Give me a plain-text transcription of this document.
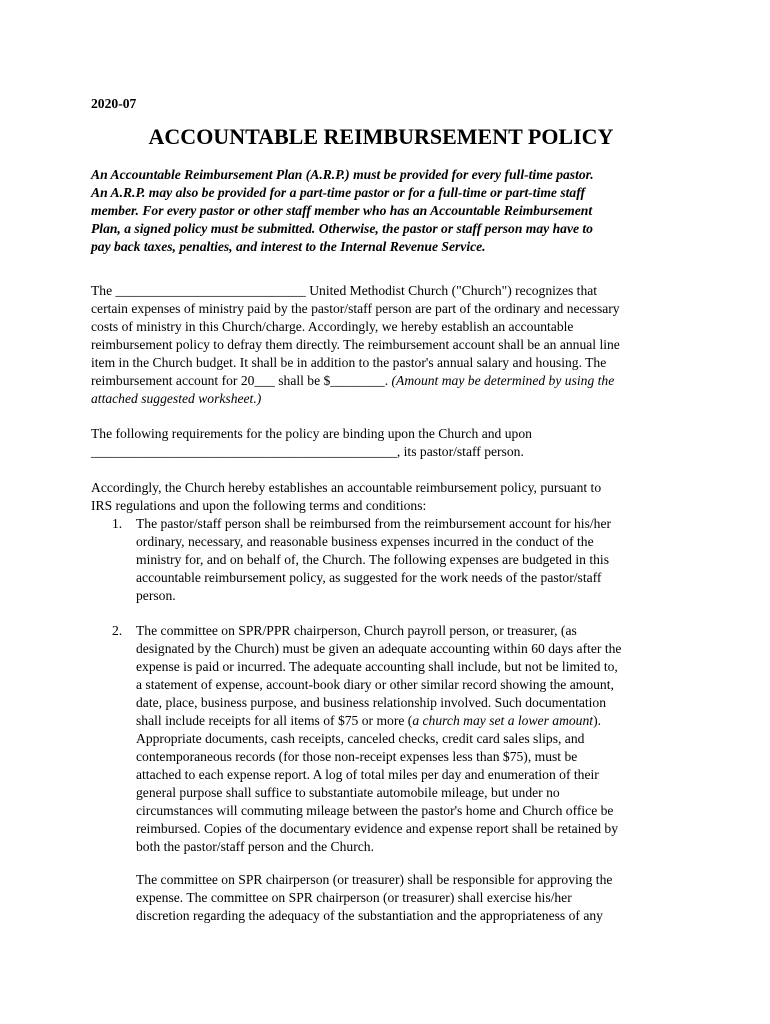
2020-07
ACCOUNTABLE REIMBURSEMENT POLICY
An Accountable Reimbursement Plan (A.R.P.) must be provided for every full-time pastor.
An A.R.P. may also be provided for a part-time pastor or for a full-time or part-time staff
member. For every pastor or other staff member who has an Accountable Reimbursement
Plan, a signed policy must be submitted. Otherwise, the pastor or staff person may have to
pay back taxes, penalties, and interest to the Internal Revenue Service.
The ____________________________ United Methodist Church ("Church") recognizes that
certain expenses of ministry paid by the pastor/staff person are part of the ordinary and necessary
costs of ministry in this Church/charge. Accordingly, we hereby establish an accountable
reimbursement policy to defray them directly. The reimbursement account shall be an annual line
item in the Church budget. It shall be in addition to the pastor's annual salary and housing. The
reimbursement account for 20___ shall be $________. (Amount may be determined by using the
attached suggested worksheet.)
The following requirements for the policy are binding upon the Church and upon
_____________________________________________, its pastor/staff person.
Accordingly, the Church hereby establishes an accountable reimbursement policy, pursuant to
IRS regulations and upon the following terms and conditions:
1. The pastor/staff person shall be reimbursed from the reimbursement account for his/her
ordinary, necessary, and reasonable business expenses incurred in the conduct of the
ministry for, and on behalf of, the Church. The following expenses are budgeted in this
accountable reimbursement policy, as suggested for the work needs of the pastor/staff
person.
2. The committee on SPR/PPR chairperson, Church payroll person, or treasurer, (as
designated by the Church) must be given an adequate accounting within 60 days after the
expense is paid or incurred. The adequate accounting shall include, but not be limited to,
a statement of expense, account-book diary or other similar record showing the amount,
date, place, business purpose, and business relationship involved. Such documentation
shall include receipts for all items of $75 or more (a church may set a lower amount).
Appropriate documents, cash receipts, canceled checks, credit card sales slips, and
contemporaneous records (for those non-receipt expenses less than $75), must be
attached to each expense report. A log of total miles per day and enumeration of their
general purpose shall suffice to substantiate automobile mileage, but under no
circumstances will commuting mileage between the pastor's home and Church office be
reimbursed. Copies of the documentary evidence and expense report shall be retained by
both the pastor/staff person and the Church.
The committee on SPR chairperson (or treasurer) shall be responsible for approving the
expense. The committee on SPR chairperson (or treasurer) shall exercise his/her
discretion regarding the adequacy of the substantiation and the appropriateness of any
